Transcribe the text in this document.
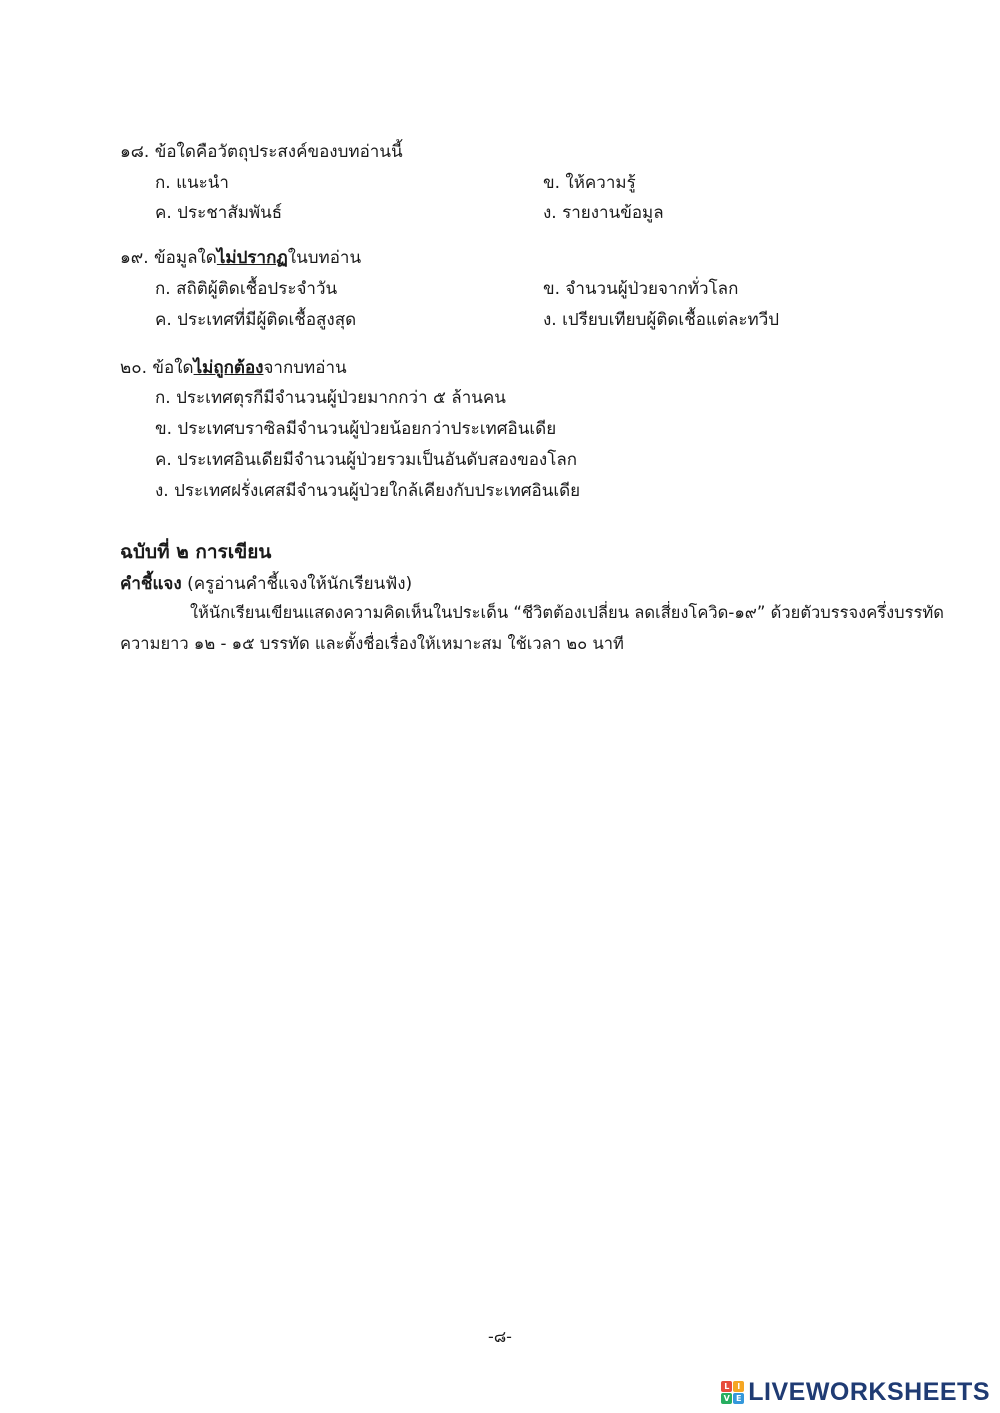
๑๘. ข้อใดคือวัตถุประสงค์ของบทอ่านนี้
ก. แนะนำ	ข. ให้ความรู้
ค. ประชาสัมพันธ์	ง. รายงานข้อมูล
๑๙. ข้อมูลใดไม่ปรากฏในบทอ่าน
ก. สถิติผู้ติดเชื้อประจำวัน	ข. จำนวนผู้ป่วยจากทั่วโลก
ค. ประเทศที่มีผู้ติดเชื้อสูงสุด	ง. เปรียบเทียบผู้ติดเชื้อแต่ละทวีป
๒๐. ข้อใดไม่ถูกต้องจากบทอ่าน
ก. ประเทศตุรกีมีจำนวนผู้ป่วยมากกว่า ๕ ล้านคน
ข. ประเทศบราซิลมีจำนวนผู้ป่วยน้อยกว่าประเทศอินเดีย
ค. ประเทศอินเดียมีจำนวนผู้ป่วยรวมเป็นอันดับสองของโลก
ง. ประเทศฝรั่งเศสมีจำนวนผู้ป่วยใกล้เคียงกับประเทศอินเดีย
ฉบับที่ ๒ การเขียน
คำชี้แจง (ครูอ่านคำชี้แจงให้นักเรียนฟัง)
ให้นักเรียนเขียนแสดงความคิดเห็นในประเด็น “ชีวิตต้องเปลี่ยน ลดเสี่ยงโควิด-๑๙” ด้วยตัวบรรจงครึ่งบรรทัด
ความยาว ๑๒ - ๑๕ บรรทัด และตั้งชื่อเรื่องให้เหมาะสม ใช้เวลา ๒๐ นาที
-๘-
L I
V E LIVEWORKSHEETS
